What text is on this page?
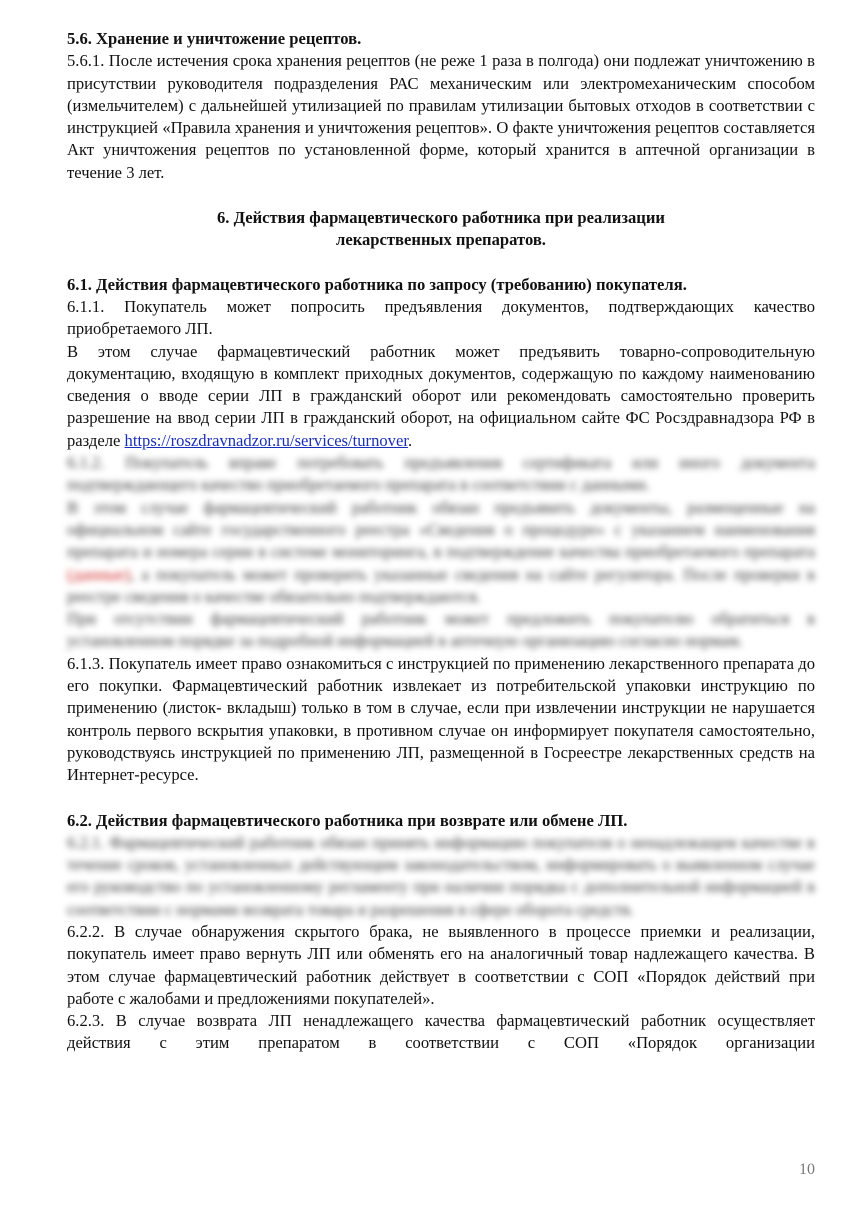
5.6. Хранение и уничтожение рецептов.

5.6.1. После истечения срока хранения рецептов (не реже 1 раза в полгода) они подлежат уничтожению в присутствии руководителя подразделения РАС механическим или электромеханическим способом (измельчителем) с дальнейшей утилизацией по правилам утилизации бытовых отходов в соответствии с инструкцией «Правила хранения и уничтожения рецептов». О факте уничтожения рецептов составляется Акт уничтожения рецептов по установленной форме, который хранится в аптечной организации в течение 3 лет.

6. Действия фармацевтического работника при реализации
лекарственных препаратов.

6.1. Действия фармацевтического работника по запросу (требованию) покупателя.

6.1.1. Покупатель может попросить предъявления документов, подтверждающих качество приобретаемого ЛП.

В этом случае фармацевтический работник может предъявить товарно-сопроводительную документацию, входящую в комплект приходных документов, содержащую по каждому наименованию сведения о вводе серии ЛП в гражданский оборот или рекомендовать самостоятельно проверить разрешение на ввод серии ЛП в гражданский оборот, на официальном сайте ФС Росздравнадзора РФ в разделе https://roszdravnadzor.ru/services/turnover.

6.1.2. Покупатель вправе потребовать предъявления сертификата или иного документа подтверждающего качество приобретаемого препарата в соответствии с данными.

В этом случае фармацевтический работник обязан предъявить документы, размещенные на официальном сайте государственного реестра «Сведения о процедуре» с указанием наименования препарата и номера серии в системе мониторинга, в подтверждение качества приобретаемого препарата (данные), а покупатель может проверить указанные сведения на сайте регулятора. После проверки в реестре сведения о качестве обязательно подтверждаются.

При отсутствии фармацевтический работник может предложить покупателю обратиться в установленном порядке за подробной информацией в аптечную организацию согласно нормам.

6.1.3. Покупатель имеет право ознакомиться с инструкцией по применению лекарственного препарата до его покупки. Фармацевтический работник извлекает из потребительской упаковки инструкцию по применению (листок- вкладыш) только в том в случае, если при извлечении инструкции не нарушается контроль первого вскрытия упаковки, в противном случае он информирует покупателя самостоятельно, руководствуясь инструкцией по применению ЛП, размещенной в Госреестре лекарственных средств на Интернет-ресурсе.

6.2. Действия фармацевтического работника при возврате или обмене ЛП.

6.2.1. Фармацевтический работник обязан принять информацию покупателя о ненадлежащем качестве в течение сроков, установленных действующим законодательством, информировать о выявленном случае его руководство по установленному регламенту при наличии порядка с дополнительной информацией в соответствии с нормами возврата товара и разрешения в сфере оборота средств.

6.2.2. В случае обнаружения скрытого брака, не выявленного в процессе приемки и реализации, покупатель имеет право вернуть ЛП или обменять его на аналогичный товар надлежащего качества. В этом случае фармацевтический работник действует в соответствии с СОП «Порядок действий при работе с жалобами и предложениями покупателей».

6.2.3. В случае возврата ЛП ненадлежащего качества фармацевтический работник осуществляет действия с этим препаратом в соответствии с СОП «Порядок организации

10
